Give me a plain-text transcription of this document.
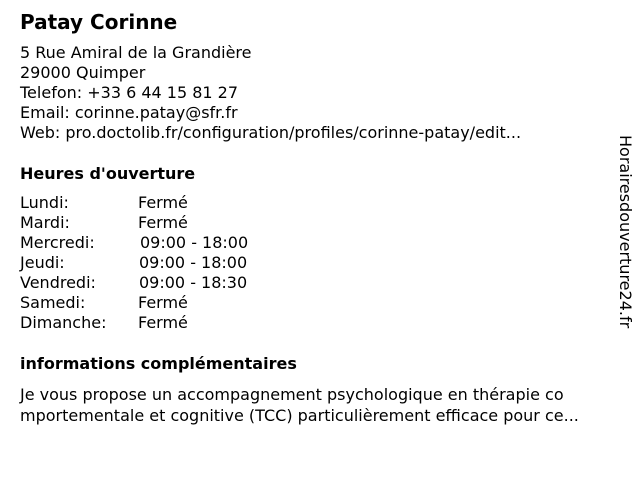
Patay Corinne
5 Rue Amiral de la Grandière
29000 Quimper
Telefon: +33 6 44 15 81 27
Email: corinne.patay@sfr.fr
Web: pro.doctolib.fr/configuration/profiles/corinne-patay/edit...
Heures d'ouverture
Lundi:	Fermé
Mardi:	Fermé
Mercredi:	09:00 - 18:00
Jeudi:	09:00 - 18:00
Vendredi:	09:00 - 18:30
Samedi:	Fermé
Dimanche: Fermé
informations complémentaires
Je vous propose un accompagnement psychologique en thérapie co
mportementale et cognitive (TCC) particulièrement efficace pour ce...
Horairesdouverture24.fr
